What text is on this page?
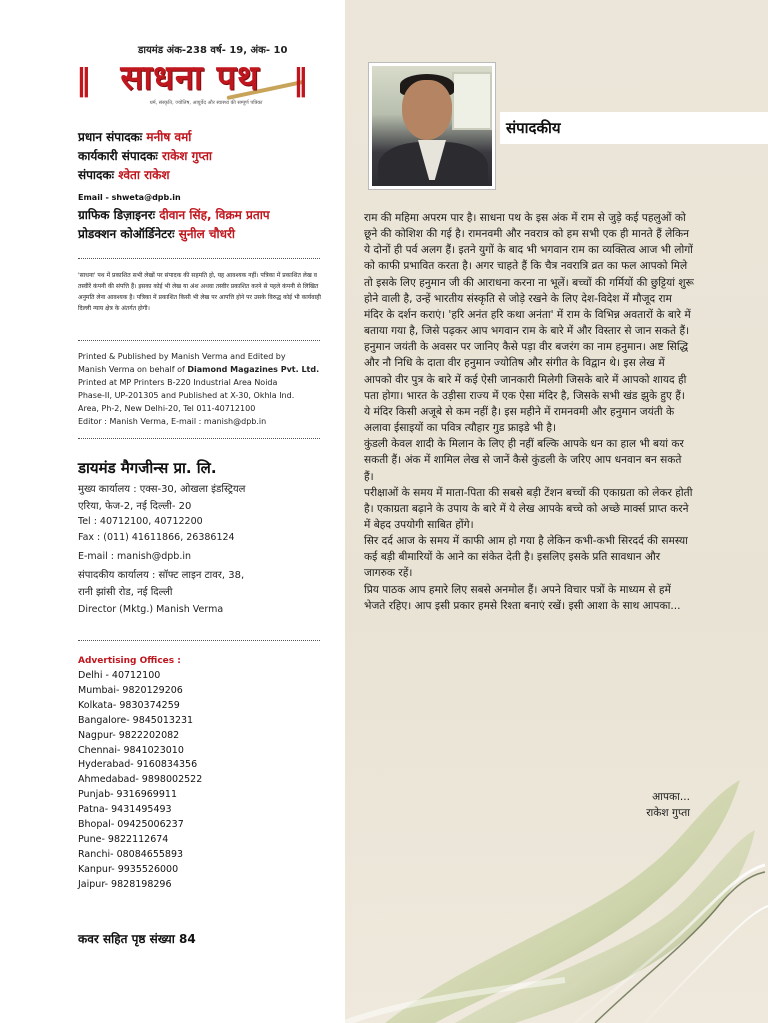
डायमंड अंक-238 वर्ष- 19, अंक- 10
‖ साधना पथ	‖
धर्म, संस्कृति, ज्योतिष, आयुर्वेद और स्वास्थ्य की सम्पूर्ण पत्रिका
प्रधान संपादकः मनीष वर्मा
कार्यकारी संपादकः राकेश गुप्ता
संपादकः श्वेता राकेश
Email - shweta@dpb.in
ग्राफिक डिज़ाइनरः दीवान सिंह, विक्रम प्रताप
प्रोडक्शन कोऑर्डिनेटरः सुनील चौधरी
'साधना' पथ में प्रकाशित सभी लेखों पर संपादक की सहमति हो, यह आवश्यक नहीं। पत्रिका में प्रकाशित लेख व तस्वीरें कंपनी की संपत्ति हैं। इसका कोई भी लेख या अंश अथवा तस्वीर प्रकाशित करने से पहले कंपनी से लिखित अनुमति लेना आवश्यक है। पत्रिका में प्रकाशित किसी भी लेख पर आपत्ति होने पर उसके विरुद्ध कोई भी कार्यवाही दिल्ली न्याय क्षेत्र के अंतर्गत होगी।
Printed & Published by Manish Verma and Edited by
Manish Verma on behalf of Diamond Magazines Pvt. Ltd.
Printed at MP Printers B-220 Industrial Area Noida
Phase-II, UP-201305 and Published at X-30, Okhla Ind.
Area, Ph-2, New Delhi-20, Tel 011-40712100
Editor : Manish Verma, E-mail : manish@dpb.in
डायमंड मैगजीन्स प्रा. लि.
मुख्य कार्यालय : एक्स-30, ओखला इंडस्ट्रियल
एरिया, फेज-2, नई दिल्ली- 20
Tel : 40712100, 40712200
Fax : (011) 41611866, 26386124
E-mail : manish@dpb.in
संपादकीय कार्यालय : सॉफ्ट लाइन टावर, 38,
रानी झांसी रोड, नई दिल्ली
Director (Mktg.) Manish Verma
Advertising Offices :
Delhi - 40712100
Mumbai- 9820129206
Kolkata- 9830374259
Bangalore- 9845013231
Nagpur- 9822202082
Chennai- 9841023010
Hyderabad- 9160834356
Ahmedabad- 9898002522
Punjab- 9316969911
Patna- 9431495493
Bhopal- 09425006237
Pune- 9822112674
Ranchi- 08084655893
Kanpur- 9935526000
Jaipur- 9828198296
कवर सहित पृष्ठ संख्या 84
संपादकीय

राम की महिमा अपरम पार है। साधना पथ के इस अंक में राम से जुड़े कई पहलुओं को छूने की कोशिश की गई है। रामनवमी और नवरात्र को हम सभी एक ही मानते हैं लेकिन ये दोनों ही पर्व अलग हैं। इतने युगों के बाद भी भगवान राम का व्यक्तित्व आज भी लोगों को काफी प्रभावित करता है। अगर चाहते हैं कि चैत्र नवरात्रि व्रत का फल आपको मिले तो इसके लिए हनुमान जी की आराधना करना ना भूलें। बच्चों की गर्मियों की छुट्टियां शुरू होने वाली है, उन्हें भारतीय संस्कृति से जोड़े रखने के लिए देश-विदेश में मौजूद राम मंदिर के दर्शन कराएं। 'हरि अनंत हरि कथा अनंता' में राम के विभिन्न अवतारों के बारे में बताया गया है, जिसे पढ़कर आप भगवान राम के बारे में और विस्तार से जान सकते हैं।

हनुमान जयंती के अवसर पर जानिए कैसे पड़ा वीर बजरंग का नाम हनुमान। अष्ट सिद्धि और नौ निधि के दाता वीर हनुमान ज्योतिष और संगीत के विद्वान थे। इस लेख में आपको वीर पुत्र के बारे में कई ऐसी जानकारी मिलेगी जिसके बारे में आपको शायद ही पता होगा। भारत के उड़ीसा राज्य में एक ऐसा मंदिर है, जिसके सभी खंड झुके हुए हैं। ये मंदिर किसी अजूबे से कम नहीं है। इस महीने में रामनवमी और हनुमान जयंती के अलावा ईसाइयों का पवित्र त्यौहार गुड फ्राइडे भी है।

कुंडली केवल शादी के मिलान के लिए ही नहीं बल्कि आपके धन का हाल भी बयां कर सकती हैं। अंक में शामिल लेख से जानें कैसे कुंडली के जरिए आप धनवान बन सकते हैं।

परीक्षाओं के समय में माता-पिता की सबसे बड़ी टेंशन बच्चों की एकाग्रता को लेकर होती है। एकाग्रता बढ़ाने के उपाय के बारे में ये लेख आपके बच्चे को अच्छे मार्क्स प्राप्त करने में बेहद उपयोगी साबित होंगे।

सिर दर्द आज के समय में काफी आम हो गया है लेकिन कभी-कभी सिरदर्द की समस्या कई बड़ी बीमारियों के आने का संकेत देती है। इसलिए इसके प्रति सावधान और जागरुक रहें।

प्रिय पाठक आप हमारे लिए सबसे अनमोल हैं। अपने विचार पत्रों के माध्यम से हमें भेजते रहिए। आप इसी प्रकार हमसे रिश्ता बनाएं रखें। इसी आशा के साथ आपका...

आपका...
राकेश गुप्ता
